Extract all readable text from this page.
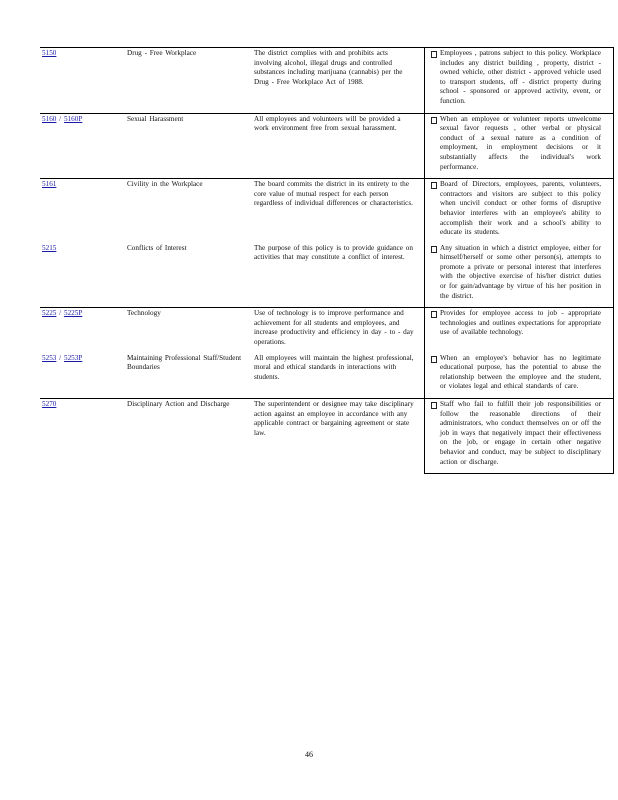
5150	Drug - Free Workplace	The district complies with and prohibits acts involving alcohol, illegal drugs and controlled substances including marijuana (cannabis) per the Drug - Free Workplace Act of 1988.	Employees , patrons subject to this policy. Workplace includes any district building , property, district - owned vehicle, other district - approved vehicle used to transport students, off - district property during school - sponsored or approved activity, event, or function.

5160 / 5160P	Sexual Harassment	All employees and volunteers will be provided a work environment free from sexual harassment.	When an employee or volunteer reports unwelcome sexual favor requests , other verbal or physical conduct of a sexual nature as a condition of employment, in employment decisions or it substantially affects the individual's work performance.

5161	Civility in the Workplace	The board commits the district in its entirety to the core value of mutual respect for each person regardless of individual differences or characteristics.	Board of Directors, employees, parents, volunteers, contractors and visitors are subject to this policy when uncivil conduct or other forms of disruptive behavior interferes with an employee's ability to accomplish their work and a school's ability to educate its students.

5215	Conflicts of Interest	The purpose of this policy is to provide guidance on activities that may constitute a conflict of interest.	Any situation in which a district employee, either for himself/herself or some other person(s), attempts to promote a private or personal interest that interferes with the objective exercise of his/her district duties or for gain/advantage by virtue of his her position in the district.

5225 / 5225P	Technology	Use of technology is to improve performance and achievement for all students and employees, and increase productivity and efficiency in day - to - day operations.	Provides for employee access to job - appropriate technologies and outlines expectations for appropriate use of available technology.

5253 / 5253P	Maintaining Professional Staff/Student Boundaries	All employees will maintain the highest professional, moral and ethical standards in interactions with students.	When an employee's behavior has no legitimate educational purpose, has the potential to abuse the relationship between the employee and the student, or violates legal and ethical standards of care.

5270	Disciplinary Action and Discharge	The superintendent or designee may take disciplinary action against an employee in accordance with any applicable contract or bargaining agreement or state law.	Staff who fail to fulfill their job responsibilities or follow the reasonable directions of their administrators, who conduct themselves on or off the job in ways that negatively impact their effectiveness on the job, or engage in certain other negative behavior and conduct, may be subject to disciplinary action or discharge.
46
